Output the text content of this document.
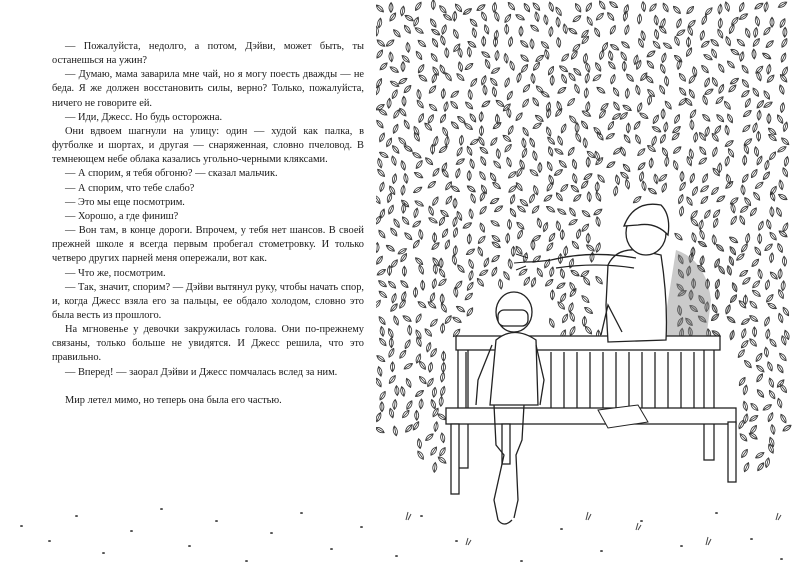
— Пожалуйста, недолго, а потом, Дэйви, может быть, ты останешься на ужин?

— Думаю, мама заварила мне чай, но я могу поесть дважды — не беда. Я же должен восстановить силы, верно? Только, пожалуйста, ничего не говорите ей.

— Иди, Джесс. Но будь осторожна.

Они вдвоем шагнули на улицу: один — худой как палка, в футболке и шортах, и другая — снаряженная, словно пчеловод. В темнеющем небе облака казались угольно-черными кляксами.

— А спорим, я тебя обгоню? — сказал мальчик.

— А спорим, что тебе слабо?

— Это мы еще посмотрим.

— Хорошо, а где финиш?

— Вон там, в конце дороги. Впрочем, у тебя нет шансов. В своей прежней школе я всегда первым пробегал стометровку. И только четверо других парней меня опережали, вот как.

— Что же, посмотрим.

— Так, значит, спорим? — Дэйви вытянул руку, чтобы начать спор, и, когда Джесс взяла его за пальцы, ее обдало холодом, словно это была весть из прошлого.

На мгновенье у девочки закружилась голова. Они по-прежнему связаны, только больше не увидятся. И Джесс решила, что это правильно.

— Вперед! — заорал Дэйви и Джесс помчалась вслед за ним.

Мир летел мимо, но теперь она была его частью.
